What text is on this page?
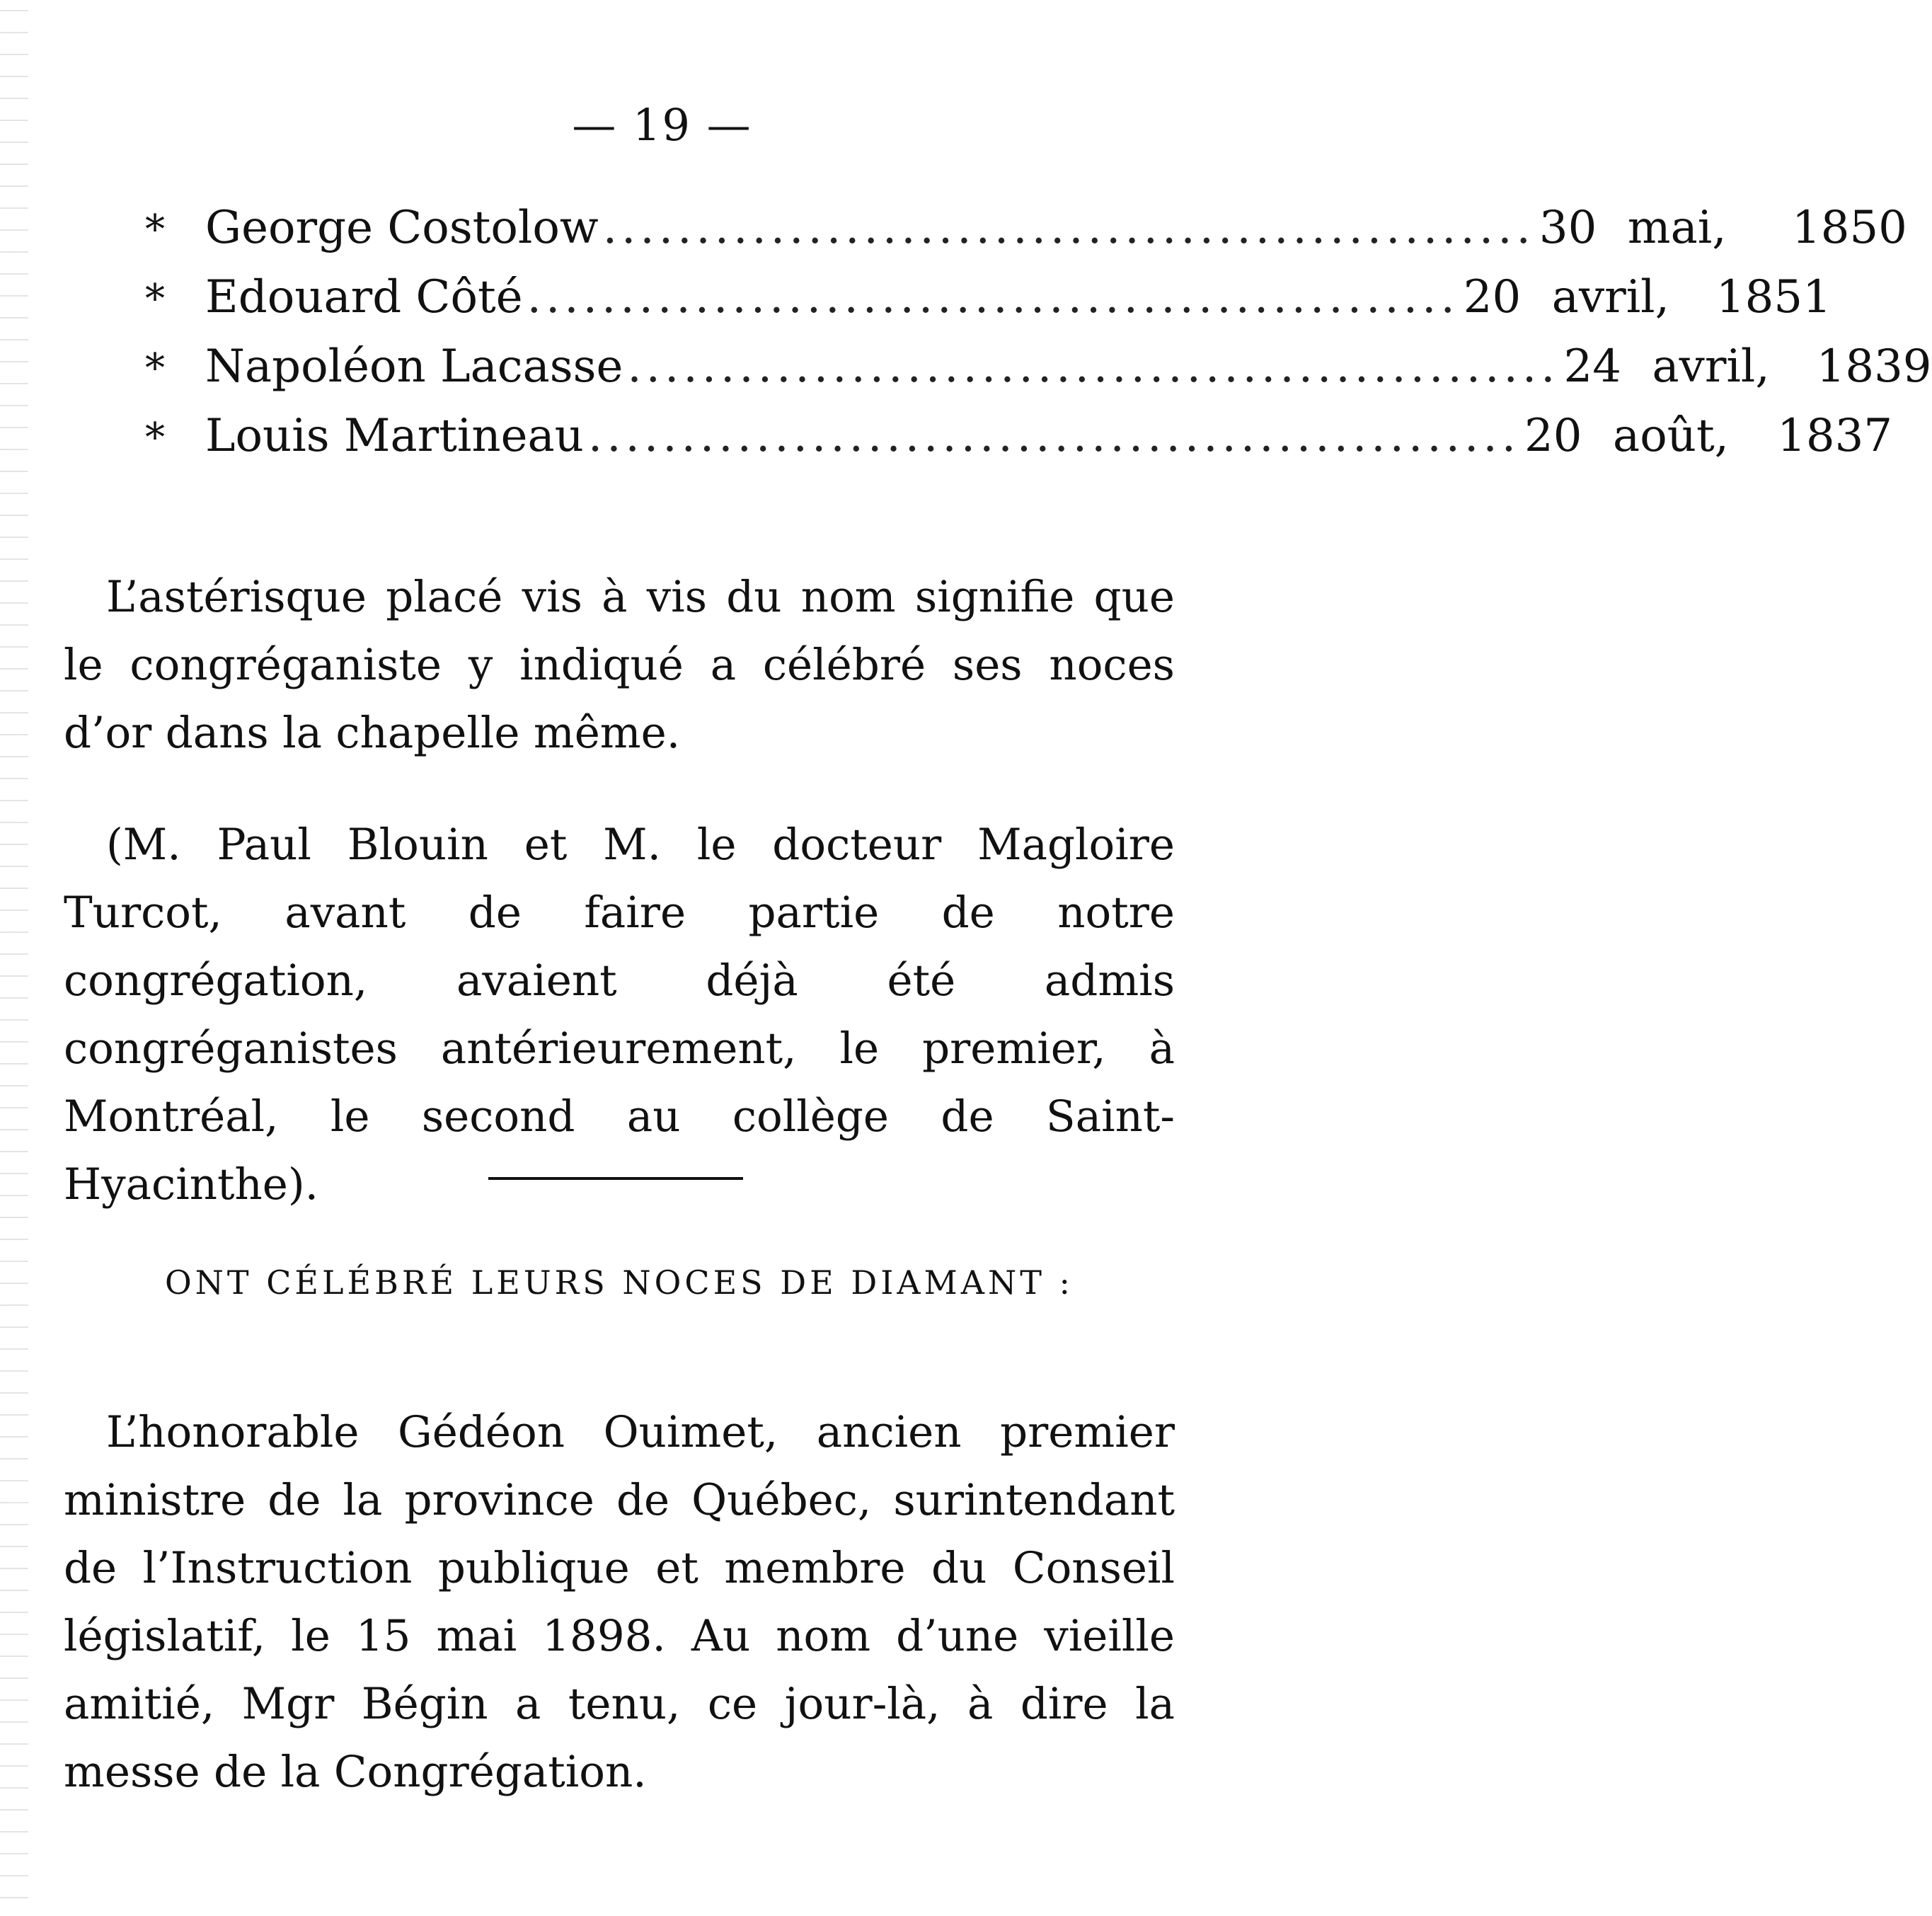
— 19 —
* George Costolow .................................................. 30 mai,	1850
* Edouard Côté .................................................. 20 avril,	1851
* Napoléon Lacasse .................................................. 24 avril,	1839
* Louis Martineau .................................................. 20 août,	1837

L’astérisque placé vis à vis du nom signifie que le congréganiste y indiqué a célébré ses noces d’or dans la chapelle même.

(M. Paul Blouin et M. le docteur Magloire Turcot, avant de faire partie de notre congrégation, avaient déjà été admis congréganistes antérieurement, le premier, à Montréal, le second au collège de Saint-Hyacinthe).

ONT CÉLÉBRÉ LEURS NOCES DE DIAMANT :

L’honorable Gédéon Ouimet, ancien premier ministre de la province de Québec, surintendant de l’Instruction publique et membre du Conseil législatif, le 15 mai 1898. Au nom d’une vieille amitié, Mgr Bégin a tenu, ce jour-là, à dire la messe de la Congrégation.
